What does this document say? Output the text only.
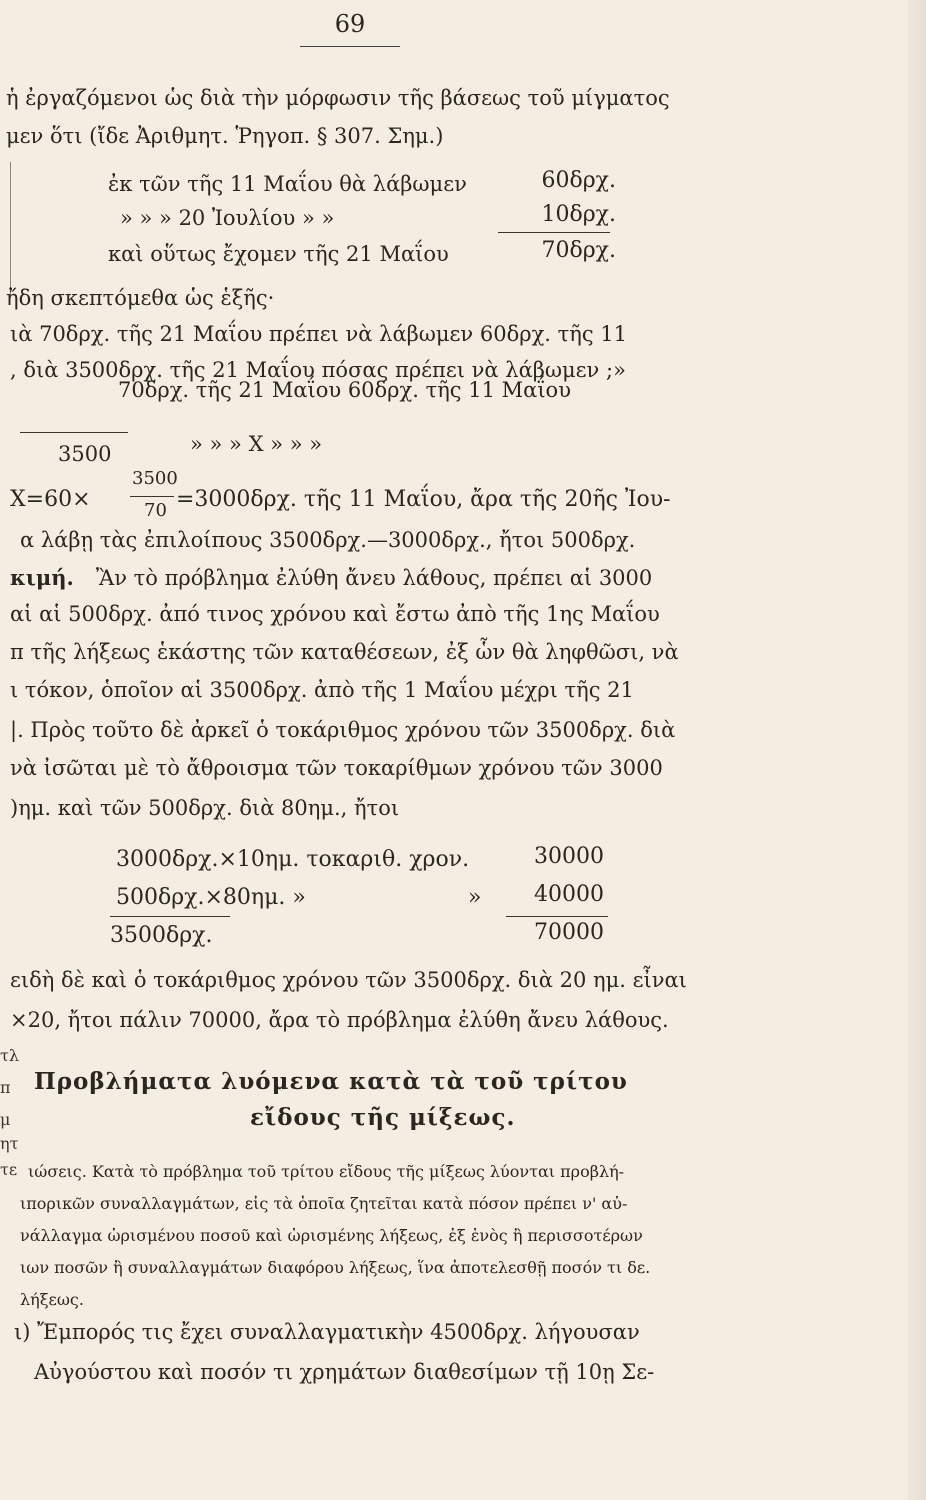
69
ἡ ἐργαζόμενοι ὡς διὰ τὴν μόρφωσιν τῆς βάσεως τοῦ μίγματος
μεν ὅτι (ἴδε Ἀριθμητ. Ῥηγοπ. § 307. Σημ.)
ἐκ τῶν τῆς 11 Μαΐου θὰ λάβωμεν	60δρχ.
» » » 20 Ἰουλίου » »	10δρχ.
καὶ οὕτως ἔχομεν τῆς 21 Μαΐου	70δρχ.
ἤδη σκεπτόμεθα ὡς ἑξῆς·
ιὰ 70δρχ. τῆς 21 Μαΐου πρέπει νὰ λάβωμεν 60δρχ. τῆς 11
, διὰ 3500δρχ. τῆς 21 Μαΐου πόσας πρέπει νὰ λάβωμεν ;»
70δρχ. τῆς 21 Μαΐου 60δρχ. τῆς 11 Μαΐου
3500	» » » X » » »
X=60×
3500
70 =3000δρχ. τῆς 11 Μαΐου, ἄρα τῆς 20ῆς Ἰου-
α λάβῃ τὰς ἐπιλοίπους 3500δρχ.—3000δρχ., ἤτοι 500δρχ.
κιμή. Ἂν τὸ πρόβλημα ἐλύθη ἄνευ λάθους, πρέπει αἱ 3000
αἱ αἱ 500δρχ. ἀπό τινος χρόνου καὶ ἔστω ἀπὸ τῆς 1ης Μαΐου
π τῆς λήξεως ἑκάστης τῶν καταθέσεων, ἐξ ὧν θὰ ληφθῶσι, νὰ
ι τόκον, ὁποῖον αἱ 3500δρχ. ἀπὸ τῆς 1 Μαΐου μέχρι τῆς 21
|. Πρὸς τοῦτο δὲ ἀρκεῖ ὁ τοκάριθμος χρόνου τῶν 3500δρχ. διὰ
νὰ ἰσῶται μὲ τὸ ἄθροισμα τῶν τοκαρίθμων χρόνου τῶν 3000
)ημ. καὶ τῶν 500δρχ. διὰ 80ημ., ἤτοι
3000δρχ.×10ημ. τοκαριθ. χρον.	30000
500δρχ.×80ημ. »	»	40000
3500δρχ.	70000
ειδὴ δὲ καὶ ὁ τοκάριθμος χρόνου τῶν 3500δρχ. διὰ 20 ημ. εἶναι
×20, ἤτοι πάλιν 70000, ἄρα τὸ πρόβλημα ἐλύθη ἄνευ λάθους.
Προβλήματα λυόμενα κατὰ τὰ τοῦ τρίτου
εἴδους τῆς μίξεως.
ιώσεις. Κατὰ τὸ πρόβλημα τοῦ τρίτου εἴδους τῆς μίξεως λύονται προβλή-
ιπορικῶν συναλλαγμάτων, εἰς τὰ ὁποῖα ζητεῖται κατὰ πόσον πρέπει ν' αὐ-
νάλλαγμα ὡρισμένου ποσοῦ καὶ ὡρισμένης λήξεως, ἐξ ἑνὸς ἢ περισσοτέρων
ιων ποσῶν ἢ συναλλαγμάτων διαφόρου λήξεως, ἵνα ἀποτελεσθῇ ποσόν τι δε.
λήξεως.
ι) Ἔμπορός τις ἔχει συναλλαγματικὴν 4500δρχ. λήγουσαν
Αὐγούστου καὶ ποσόν τι χρημάτων διαθεσίμων τῇ 10ῃ Σε-
τλ
π
μ
ητ
τε
